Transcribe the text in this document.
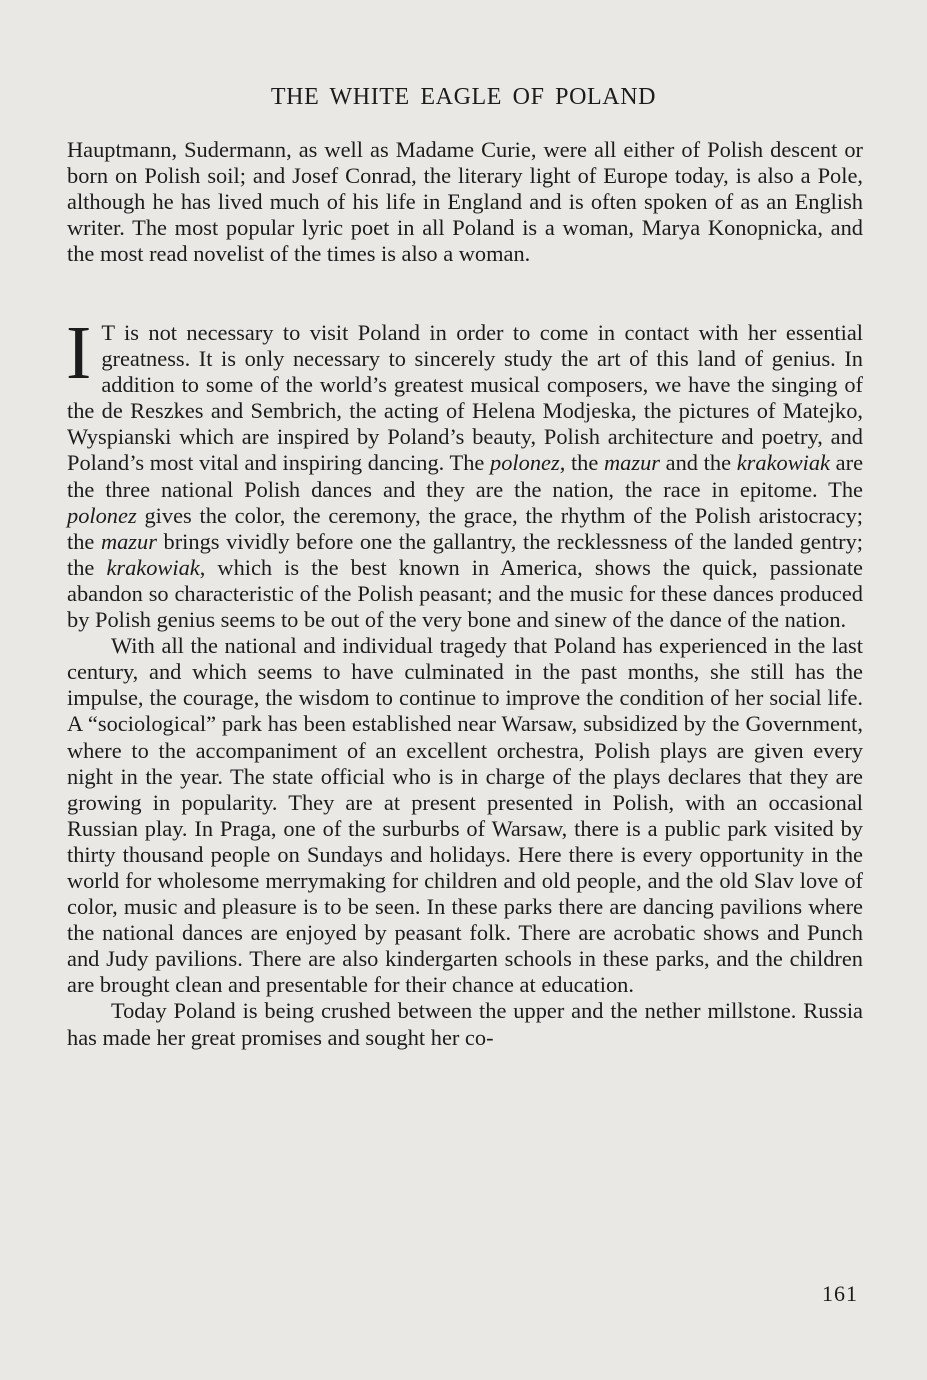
THE WHITE EAGLE OF POLAND

Hauptmann, Sudermann, as well as Madame Curie, were all either of Polish descent or born on Polish soil; and Josef Conrad, the literary light of Europe today, is also a Pole, although he has lived much of his life in England and is often spoken of as an English writer. The most popular lyric poet in all Poland is a woman, Marya Konopnicka, and the most read novelist of the times is also a woman.

I T is not necessary to visit Poland in order to come in contact with her essential greatness. It is only necessary to sincerely study the art of this land of genius. In addition to some of the world’s greatest musical composers, we have the singing of the de Reszkes and Sembrich, the acting of Helena Modjeska, the pictures of Matejko, Wyspianski which are inspired by Poland’s beauty, Polish architecture and poetry, and Poland’s most vital and inspiring dancing. The polonez, the mazur and the krakowiak are the three national Polish dances and they are the nation, the race in epitome. The polonez gives the color, the ceremony, the grace, the rhythm of the Polish aristocracy; the mazur brings vividly before one the gallantry, the recklessness of the landed gentry; the krakowiak, which is the best known in America, shows the quick, passionate abandon so characteristic of the Polish peasant; and the music for these dances produced by Polish genius seems to be out of the very bone and sinew of the dance of the nation.

With all the national and individual tragedy that Poland has experienced in the last century, and which seems to have culminated in the past months, she still has the impulse, the courage, the wisdom to continue to improve the condition of her social life. A “sociological” park has been established near Warsaw, subsidized by the Government, where to the accompaniment of an excellent orchestra, Polish plays are given every night in the year. The state official who is in charge of the plays declares that they are growing in popularity. They are at present presented in Polish, with an occasional Russian play. In Praga, one of the surburbs of Warsaw, there is a public park visited by thirty thousand people on Sundays and holidays. Here there is every opportunity in the world for wholesome merrymaking for children and old people, and the old Slav love of color, music and pleasure is to be seen. In these parks there are dancing pavilions where the national dances are enjoyed by peasant folk. There are acrobatic shows and Punch and Judy pavilions. There are also kindergarten schools in these parks, and the children are brought clean and presentable for their chance at education.

Today Poland is being crushed between the upper and the nether millstone. Russia has made her great promises and sought her co-

161
